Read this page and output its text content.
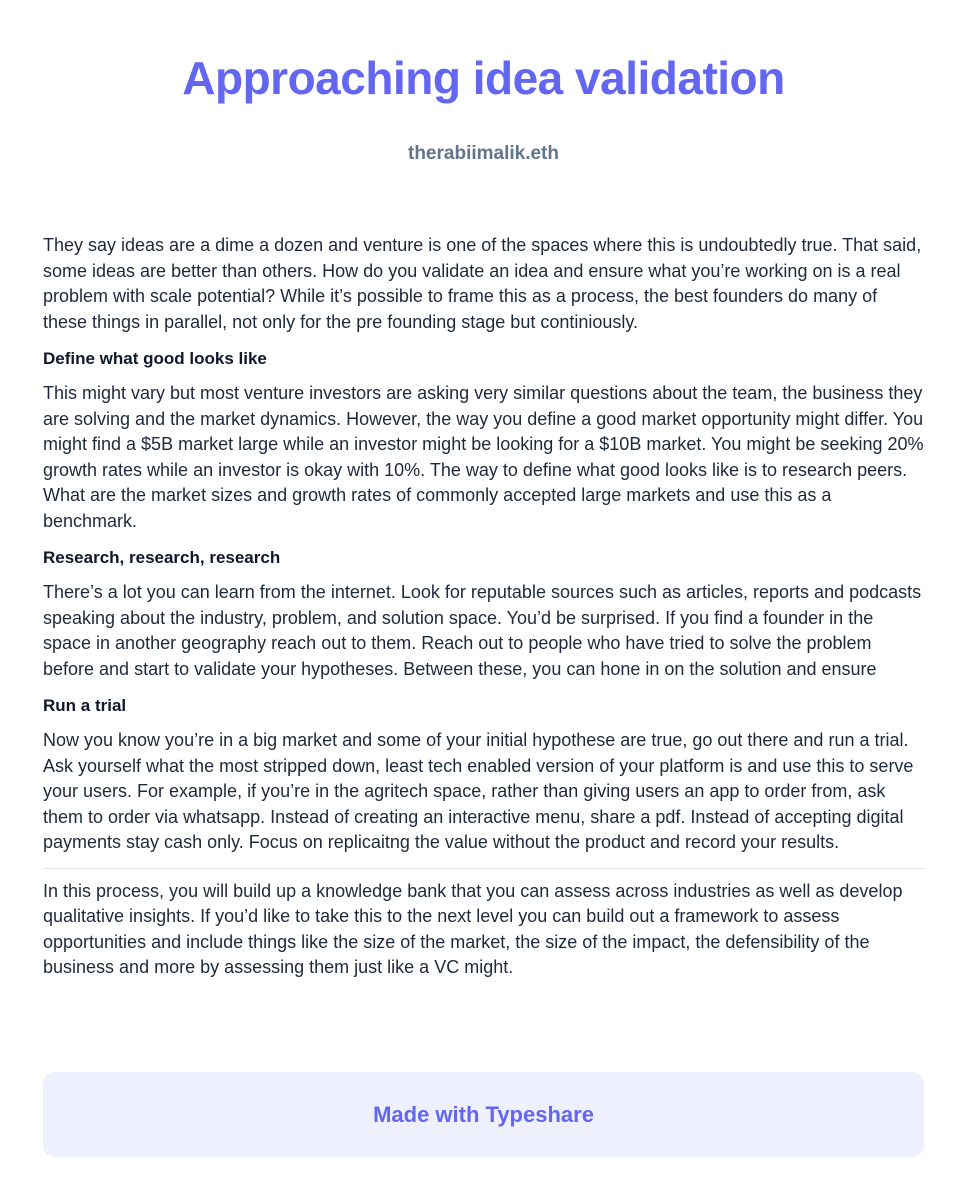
Approaching idea validation
therabiimalik.eth

They say ideas are a dime a dozen and venture is one of the spaces where this is undoubtedly true. That said, some ideas are better than others. How do you validate an idea and ensure what you’re working on is a real problem with scale potential? While it’s possible to frame this as a process, the best founders do many of these things in parallel, not only for the pre founding stage but continiously.

Define what good looks like

This might vary but most venture investors are asking very similar questions about the team, the business they are solving and the market dynamics. However, the way you define a good market opportunity might differ. You might find a $5B market large while an investor might be looking for a $10B market. You might be seeking 20% growth rates while an investor is okay with 10%. The way to define what good looks like is to research peers. What are the market sizes and growth rates of commonly accepted large markets and use this as a benchmark.

Research, research, research

There’s a lot you can learn from the internet. Look for reputable sources such as articles, reports and podcasts speaking about the industry, problem, and solution space. You’d be surprised. If you find a founder in the space in another geography reach out to them. Reach out to people who have tried to solve the problem before and start to validate your hypotheses. Between these, you can hone in on the solution and ensure

Run a trial

Now you know you’re in a big market and some of your initial hypothese are true, go out there and run a trial. Ask yourself what the most stripped down, least tech enabled version of your platform is and use this to serve your users. For example, if you’re in the agritech space, rather than giving users an app to order from, ask them to order via whatsapp. Instead of creating an interactive menu, share a pdf. Instead of accepting digital payments stay cash only. Focus on replicaitng the value without the product and record your results.

In this process, you will build up a knowledge bank that you can assess across industries as well as develop qualitative insights. If you’d like to take this to the next level you can build out a framework to assess opportunities and include things like the size of the market, the size of the impact, the defensibility of the business and more by assessing them just like a VC might.

Made with Typeshare
